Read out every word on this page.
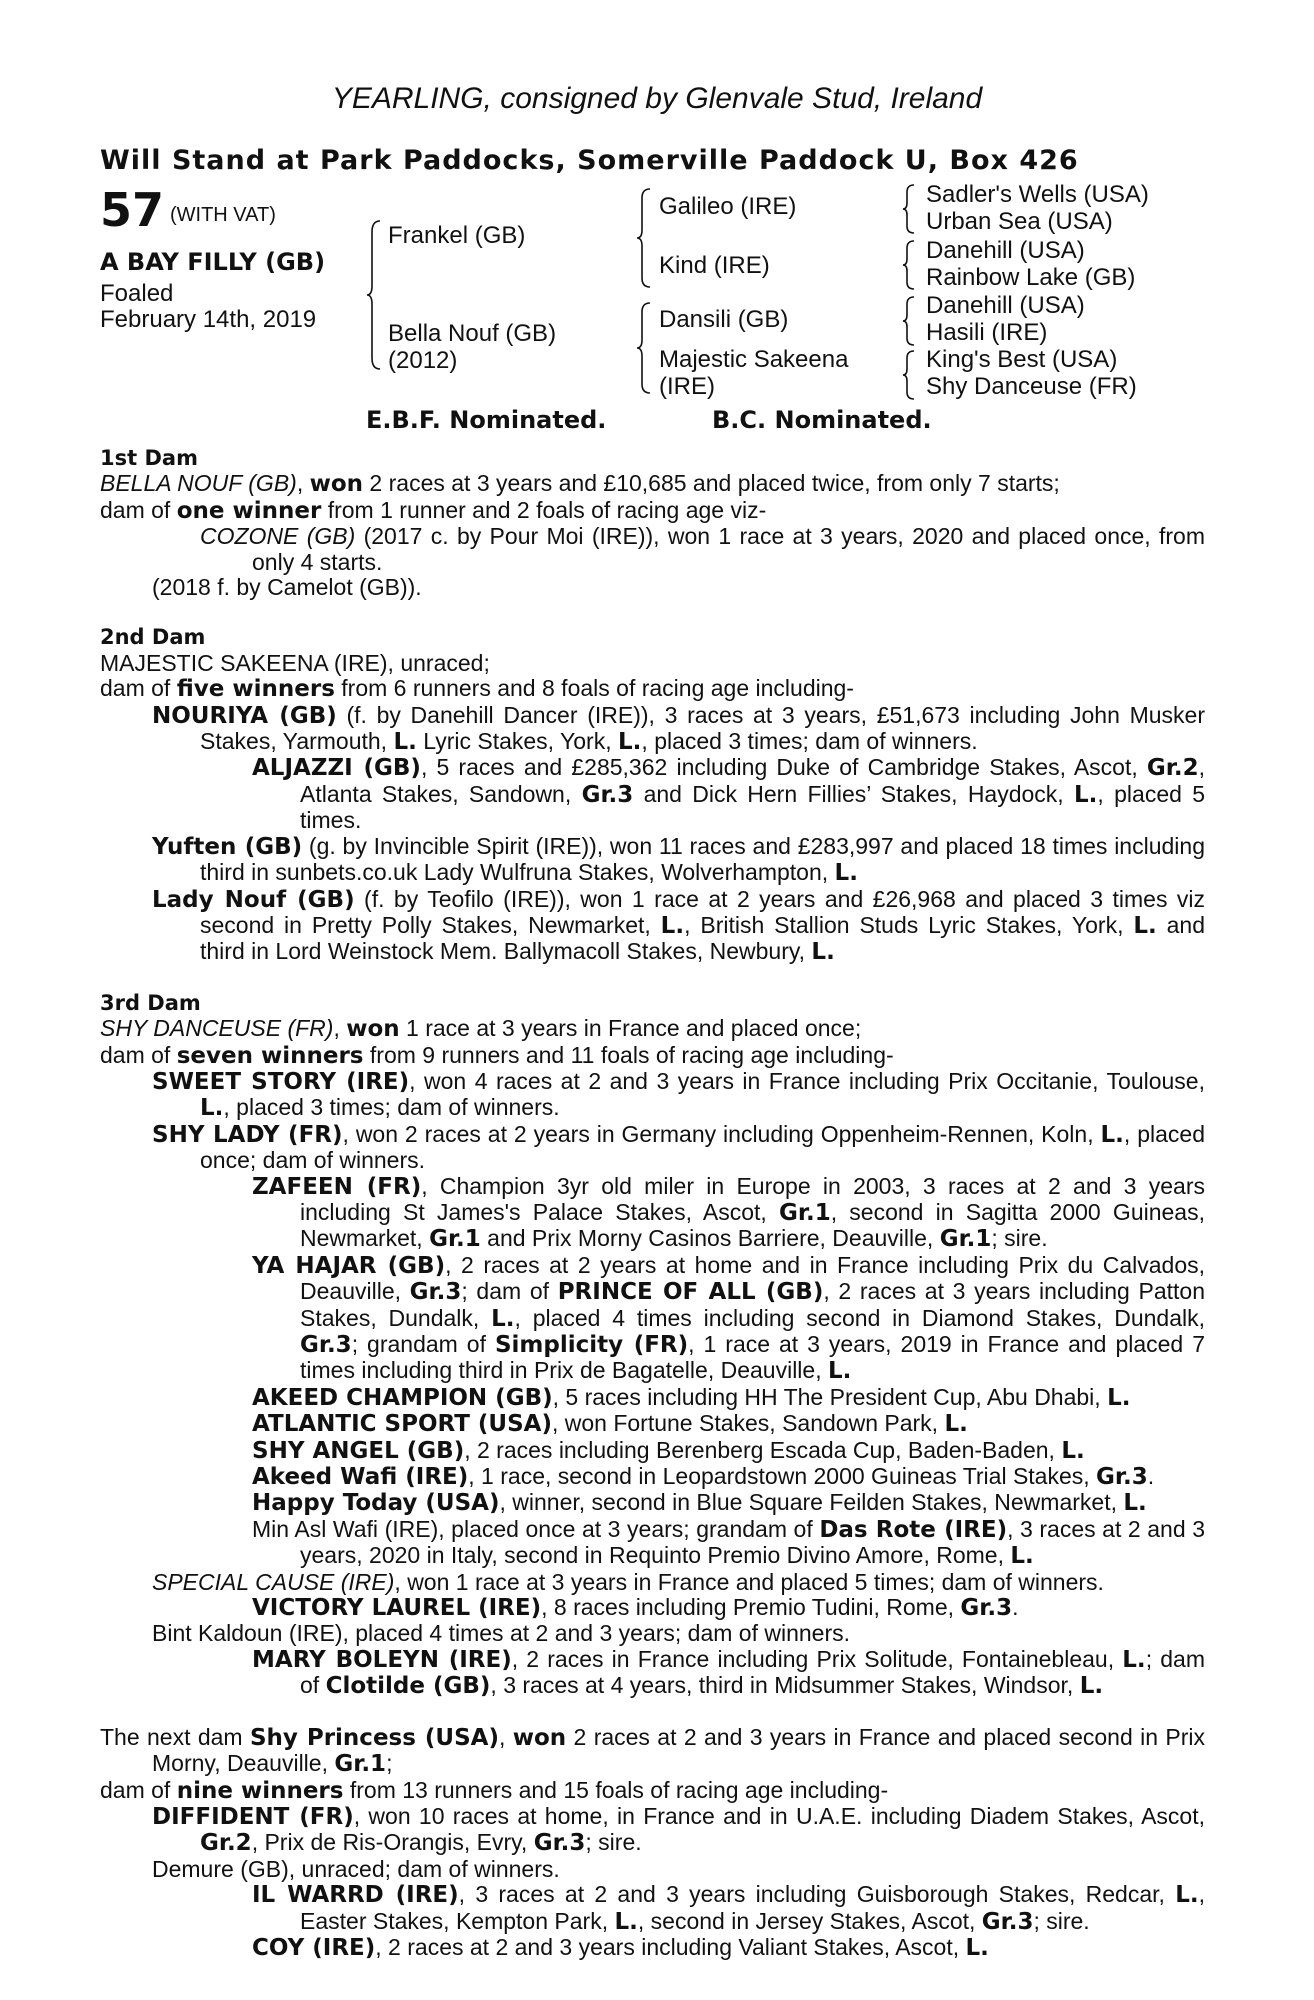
YEARLING, consigned by Glenvale Stud, Ireland
Will Stand at Park Paddocks, Somerville Paddock U, Box 426
57 (WITH VAT)
A BAY FILLY (GB)
Foaled
February 14th, 2019
Frankel (GB)
Bella Nouf (GB)
(2012)
Galileo (IRE)
Kind (IRE)
Dansili (GB)
Majestic Sakeena
(IRE)
Sadler's Wells (USA)
Urban Sea (USA)
Danehill (USA)
Rainbow Lake (GB)
Danehill (USA)
Hasili (IRE)
King's Best (USA)
Shy Danceuse (FR)
E.B.F. Nominated.	B.C. Nominated.

1st Dam

BELLA NOUF (GB), won 2 races at 3 years and £10,685 and placed twice, from only 7 starts;

dam of one winner from 1 runner and 2 foals of racing age viz-

COZONE (GB) (2017 c. by Pour Moi (IRE)), won 1 race at 3 years, 2020 and placed once, from only 4 starts.

(2018 f. by Camelot (GB)).

2nd Dam

MAJESTIC SAKEENA (IRE), unraced;

dam of five winners from 6 runners and 8 foals of racing age including-

NOURIYA (GB) (f. by Danehill Dancer (IRE)), 3 races at 3 years, £51,673 including John Musker Stakes, Yarmouth, L. Lyric Stakes, York, L., placed 3 times; dam of winners.

ALJAZZI (GB), 5 races and £285,362 including Duke of Cambridge Stakes, Ascot, Gr.2, Atlanta Stakes, Sandown, Gr.3 and Dick Hern Fillies’ Stakes, Haydock, L., placed 5 times.

Yuften (GB) (g. by Invincible Spirit (IRE)), won 11 races and £283,997 and placed 18 times including third in sunbets.co.uk Lady Wulfruna Stakes, Wolverhampton, L.

Lady Nouf (GB) (f. by Teofilo (IRE)), won 1 race at 2 years and £26,968 and placed 3 times viz second in Pretty Polly Stakes, Newmarket, L., British Stallion Studs Lyric Stakes, York, L. and third in Lord Weinstock Mem. Ballymacoll Stakes, Newbury, L.

3rd Dam

SHY DANCEUSE (FR), won 1 race at 3 years in France and placed once;

dam of seven winners from 9 runners and 11 foals of racing age including-

SWEET STORY (IRE), won 4 races at 2 and 3 years in France including Prix Occitanie, Toulouse, L., placed 3 times; dam of winners.

SHY LADY (FR), won 2 races at 2 years in Germany including Oppenheim-Rennen, Koln, L., placed once; dam of winners.

ZAFEEN (FR), Champion 3yr old miler in Europe in 2003, 3 races at 2 and 3 years including St James's Palace Stakes, Ascot, Gr.1, second in Sagitta 2000 Guineas, Newmarket, Gr.1 and Prix Morny Casinos Barriere, Deauville, Gr.1; sire.

YA HAJAR (GB), 2 races at 2 years at home and in France including Prix du Calvados, Deauville, Gr.3; dam of PRINCE OF ALL (GB), 2 races at 3 years including Patton Stakes, Dundalk, L., placed 4 times including second in Diamond Stakes, Dundalk, Gr.3; grandam of Simplicity (FR), 1 race at 3 years, 2019 in France and placed 7 times including third in Prix de Bagatelle, Deauville, L.

AKEED CHAMPION (GB), 5 races including HH The President Cup, Abu Dhabi, L.

ATLANTIC SPORT (USA), won Fortune Stakes, Sandown Park, L.

SHY ANGEL (GB), 2 races including Berenberg Escada Cup, Baden-Baden, L.

Akeed Wafi (IRE), 1 race, second in Leopardstown 2000 Guineas Trial Stakes, Gr.3.

Happy Today (USA), winner, second in Blue Square Feilden Stakes, Newmarket, L.

Min Asl Wafi (IRE), placed once at 3 years; grandam of Das Rote (IRE), 3 races at 2 and 3 years, 2020 in Italy, second in Requinto Premio Divino Amore, Rome, L.

SPECIAL CAUSE (IRE), won 1 race at 3 years in France and placed 5 times; dam of winners.

VICTORY LAUREL (IRE), 8 races including Premio Tudini, Rome, Gr.3.

Bint Kaldoun (IRE), placed 4 times at 2 and 3 years; dam of winners.

MARY BOLEYN (IRE), 2 races in France including Prix Solitude, Fontainebleau, L.; dam of Clotilde (GB), 3 races at 4 years, third in Midsummer Stakes, Windsor, L.

The next dam Shy Princess (USA), won 2 races at 2 and 3 years in France and placed second in Prix Morny, Deauville, Gr.1;

dam of nine winners from 13 runners and 15 foals of racing age including-

DIFFIDENT (FR), won 10 races at home, in France and in U.A.E. including Diadem Stakes, Ascot, Gr.2, Prix de Ris-Orangis, Evry, Gr.3; sire.

Demure (GB), unraced; dam of winners.

IL WARRD (IRE), 3 races at 2 and 3 years including Guisborough Stakes, Redcar, L., Easter Stakes, Kempton Park, L., second in Jersey Stakes, Ascot, Gr.3; sire.

COY (IRE), 2 races at 2 and 3 years including Valiant Stakes, Ascot, L.
